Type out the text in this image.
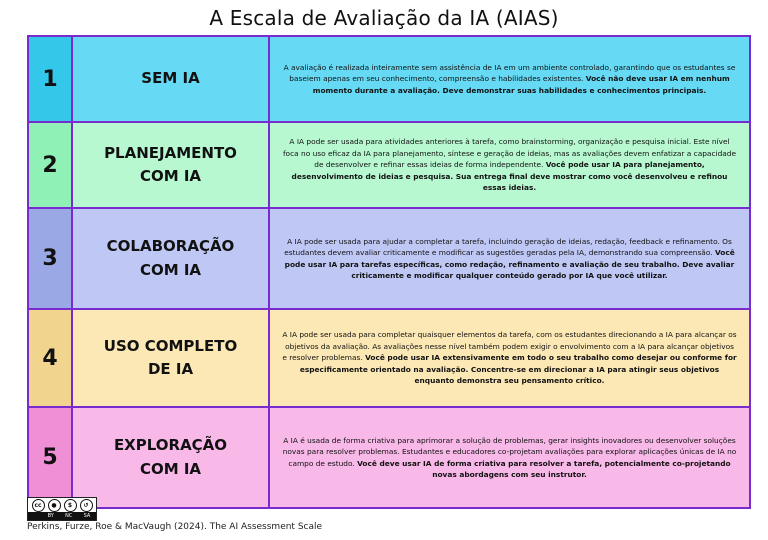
A Escala de Avaliação da IA (AIAS)
1	SEM IA
A avaliação é realizada inteiramente sem assistência de IA em um ambiente controlado, garantindo que os estudantes se baseiem apenas em seu conhecimento, compreensão e habilidades existentes. Você não deve usar IA em nenhum momento durante a avaliação. Deve demonstrar suas habilidades e conhecimentos principais.
2	PLANEJAMENTO
COM IA
A IA pode ser usada para atividades anteriores à tarefa, como brainstorming, organização e pesquisa inicial. Este nível foca no uso eficaz da IA para planejamento, síntese e geração de ideias, mas as avaliações devem enfatizar a capacidade de desenvolver e refinar essas ideias de forma independente. Você pode usar IA para planejamento, desenvolvimento de ideias e pesquisa. Sua entrega final deve mostrar como você desenvolveu e refinou essas ideias.
3	COLABORAÇÃO
COM IA
A IA pode ser usada para ajudar a completar a tarefa, incluindo geração de ideias, redação, feedback e refinamento. Os estudantes devem avaliar criticamente e modificar as sugestões geradas pela IA, demonstrando sua compreensão. Você pode usar IA para tarefas específicas, como redação, refinamento e avaliação de seu trabalho. Deve avaliar criticamente e modificar qualquer conteúdo gerado por IA que você utilizar.
4	USO COMPLETO
DE IA
A IA pode ser usada para completar quaisquer elementos da tarefa, com os estudantes direcionando a IA para alcançar os objetivos da avaliação. As avaliações nesse nível também podem exigir o envolvimento com a IA para alcançar objetivos e resolver problemas. Você pode usar IA extensivamente em todo o seu trabalho como desejar ou conforme for especificamente orientado na avaliação. Concentre-se em direcionar a IA para atingir seus objetivos enquanto demonstra seu pensamento crítico.
5	EXPLORAÇÃO
COM IA
A IA é usada de forma criativa para aprimorar a solução de problemas, gerar insights inovadores ou desenvolver soluções novas para resolver problemas. Estudantes e educadores co-projetam avaliações para explorar aplicações únicas de IA no campo de estudo. Você deve usar IA de forma criativa para resolver a tarefa, potencialmente co-projetando novas abordagens com seu instrutor.
cc	●	$	↺
BY NC SA
Perkins, Furze, Roe & MacVaugh (2024). The AI Assessment Scale
